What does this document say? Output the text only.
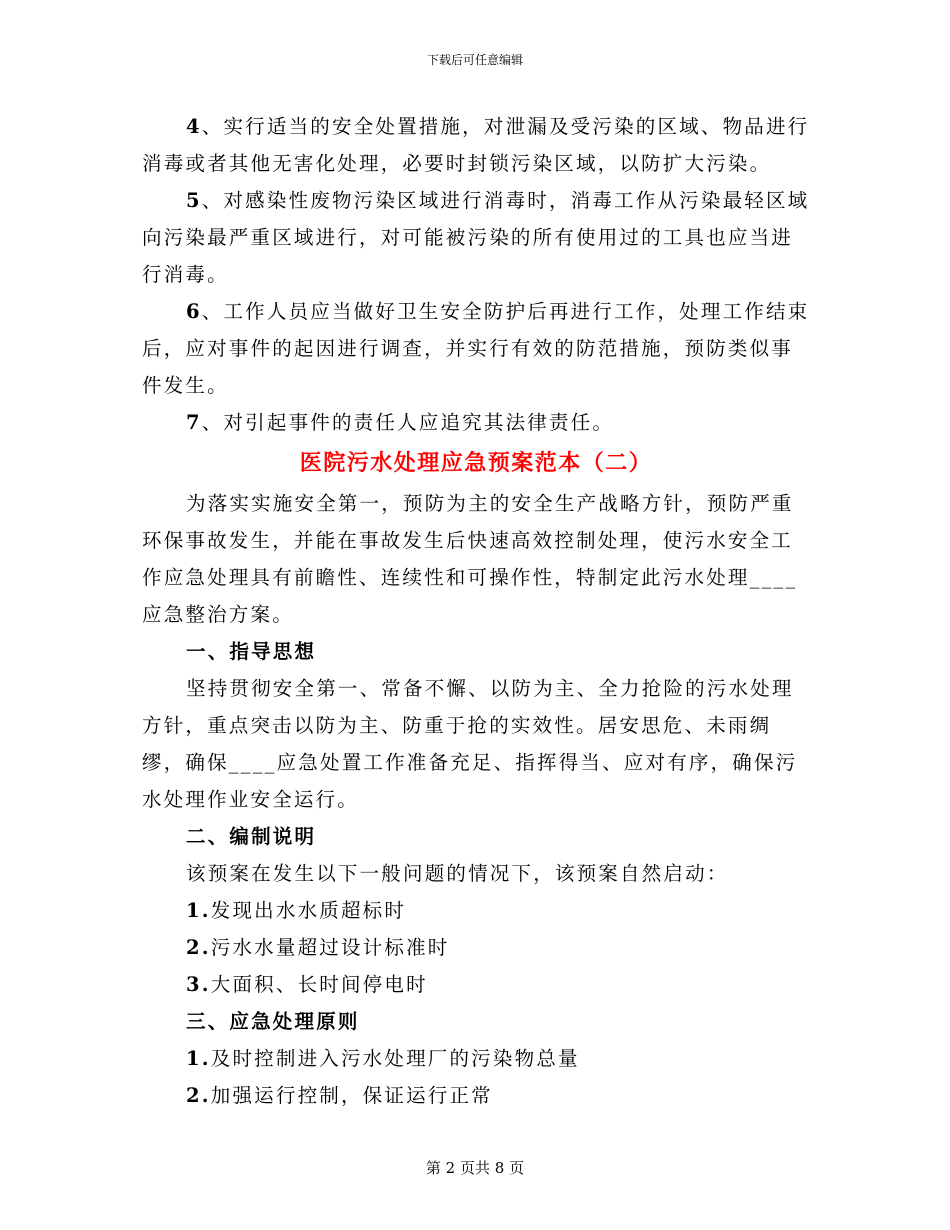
下载后可任意编辑

4、实行适当的安全处置措施，对泄漏及受污染的区域、物品进行消毒或者其他无害化处理，必要时封锁污染区域，以防扩大污染。

5、对感染性废物污染区域进行消毒时，消毒工作从污染最轻区域向污染最严重区域进行，对可能被污染的所有使用过的工具也应当进行消毒。

6、工作人员应当做好卫生安全防护后再进行工作，处理工作结束后，应对事件的起因进行调查，并实行有效的防范措施，预防类似事件发生。

7、对引起事件的责任人应追究其法律责任。

医院污水处理应急预案范本（二）

为落实实施安全第一，预防为主的安全生产战略方针，预防严重环保事故发生，并能在事故发生后快速高效控制处理，使污水安全工作应急处理具有前瞻性、连续性和可操作性，特制定此污水处理____应急整治方案。

一、指导思想

坚持贯彻安全第一、常备不懈、以防为主、全力抢险的污水处理方针，重点突击以防为主、防重于抢的实效性。居安思危、未雨绸缪，确保____应急处置工作准备充足、指挥得当、应对有序，确保污水处理作业安全运行。

二、编制说明

该预案在发生以下一般问题的情况下，该预案自然启动：

1.发现出水水质超标时

2.污水水量超过设计标准时

3.大面积、长时间停电时

三、应急处理原则

1.及时控制进入污水处理厂的污染物总量

2.加强运行控制，保证运行正常

第 2 页共 8 页
